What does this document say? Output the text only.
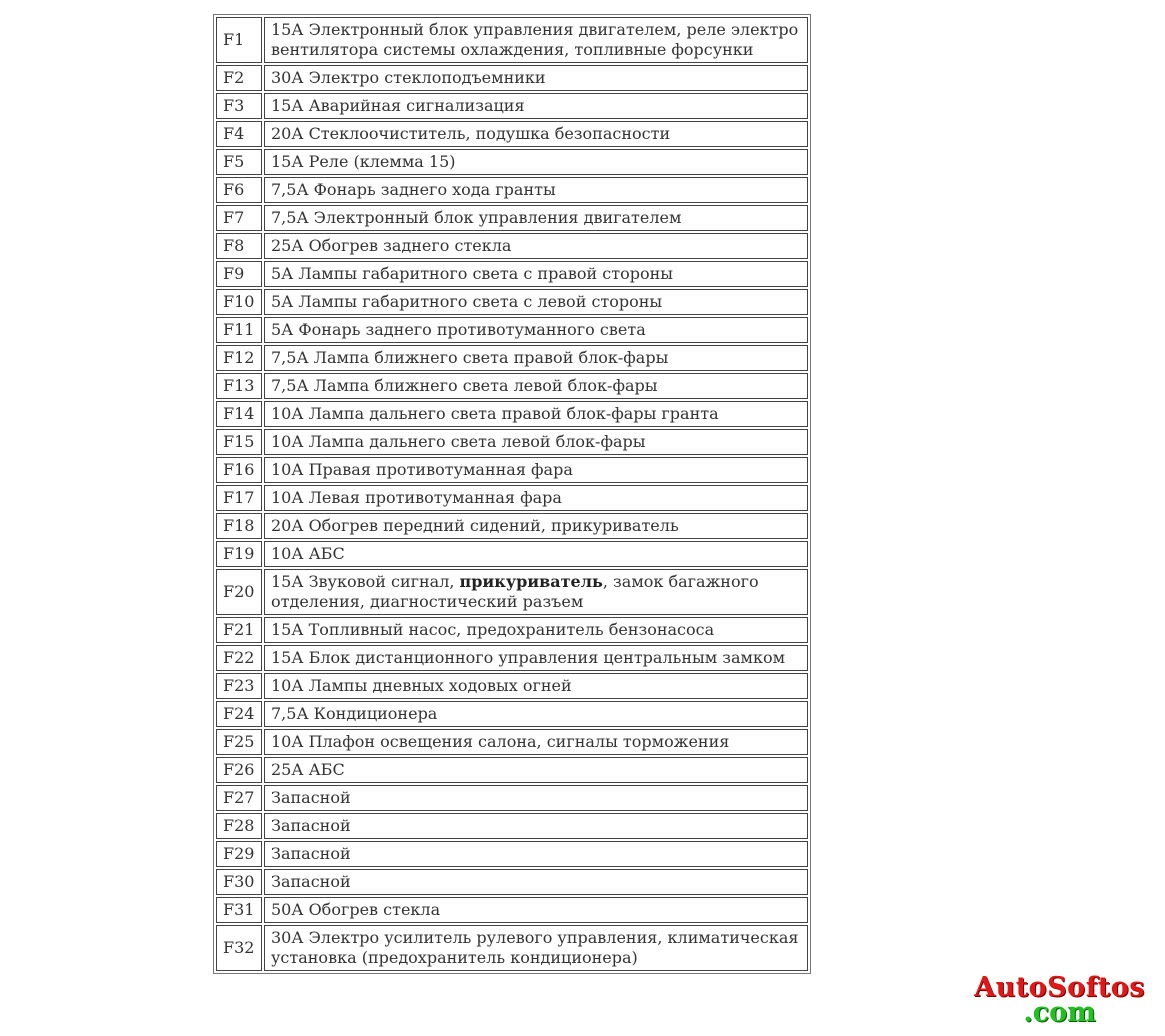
F1	15А Электронный блок управления двигателем, реле электро вентилятора системы охлаждения, топливные форсунки
F2	30А Электро стеклоподъемники
F3	15А Аварийная сигнализация
F4	20А Стеклоочиститель, подушка безопасности
F5	15А Реле (клемма 15)
F6	7,5А Фонарь заднего хода гранты
F7	7,5А Электронный блок управления двигателем
F8	25А Обогрев заднего стекла
F9	5А Лампы габаритного света с правой стороны
F10	5А Лампы габаритного света с левой стороны
F11	5А Фонарь заднего противотуманного света
F12	7,5А Лампа ближнего света правой блок-фары
F13	7,5А Лампа ближнего света левой блок-фары
F14	10А Лампа дальнего света правой блок-фары гранта
F15	10А Лампа дальнего света левой блок-фары
F16	10А Правая противотуманная фара
F17	10А Левая противотуманная фара
F18	20А Обогрев передний сидений, прикуриватель
F19	10А АБС
F20	15А Звуковой сигнал, прикуриватель, замок багажного отделения, диагностический разъем
F21	15А Топливный насос, предохранитель бензонасоса
F22	15А Блок дистанционного управления центральным замком
F23	10А Лампы дневных ходовых огней
F24	7,5А Кондиционера
F25	10А Плафон освещения салона, сигналы торможения
F26	25А АБС
F27	Запасной
F28	Запасной
F29	Запасной
F30	Запасной
F31	50А Обогрев стекла
F32	30А Электро усилитель рулевого управления, климатическая установка (предохранитель кондиционера)
AutoSoftos
.com
